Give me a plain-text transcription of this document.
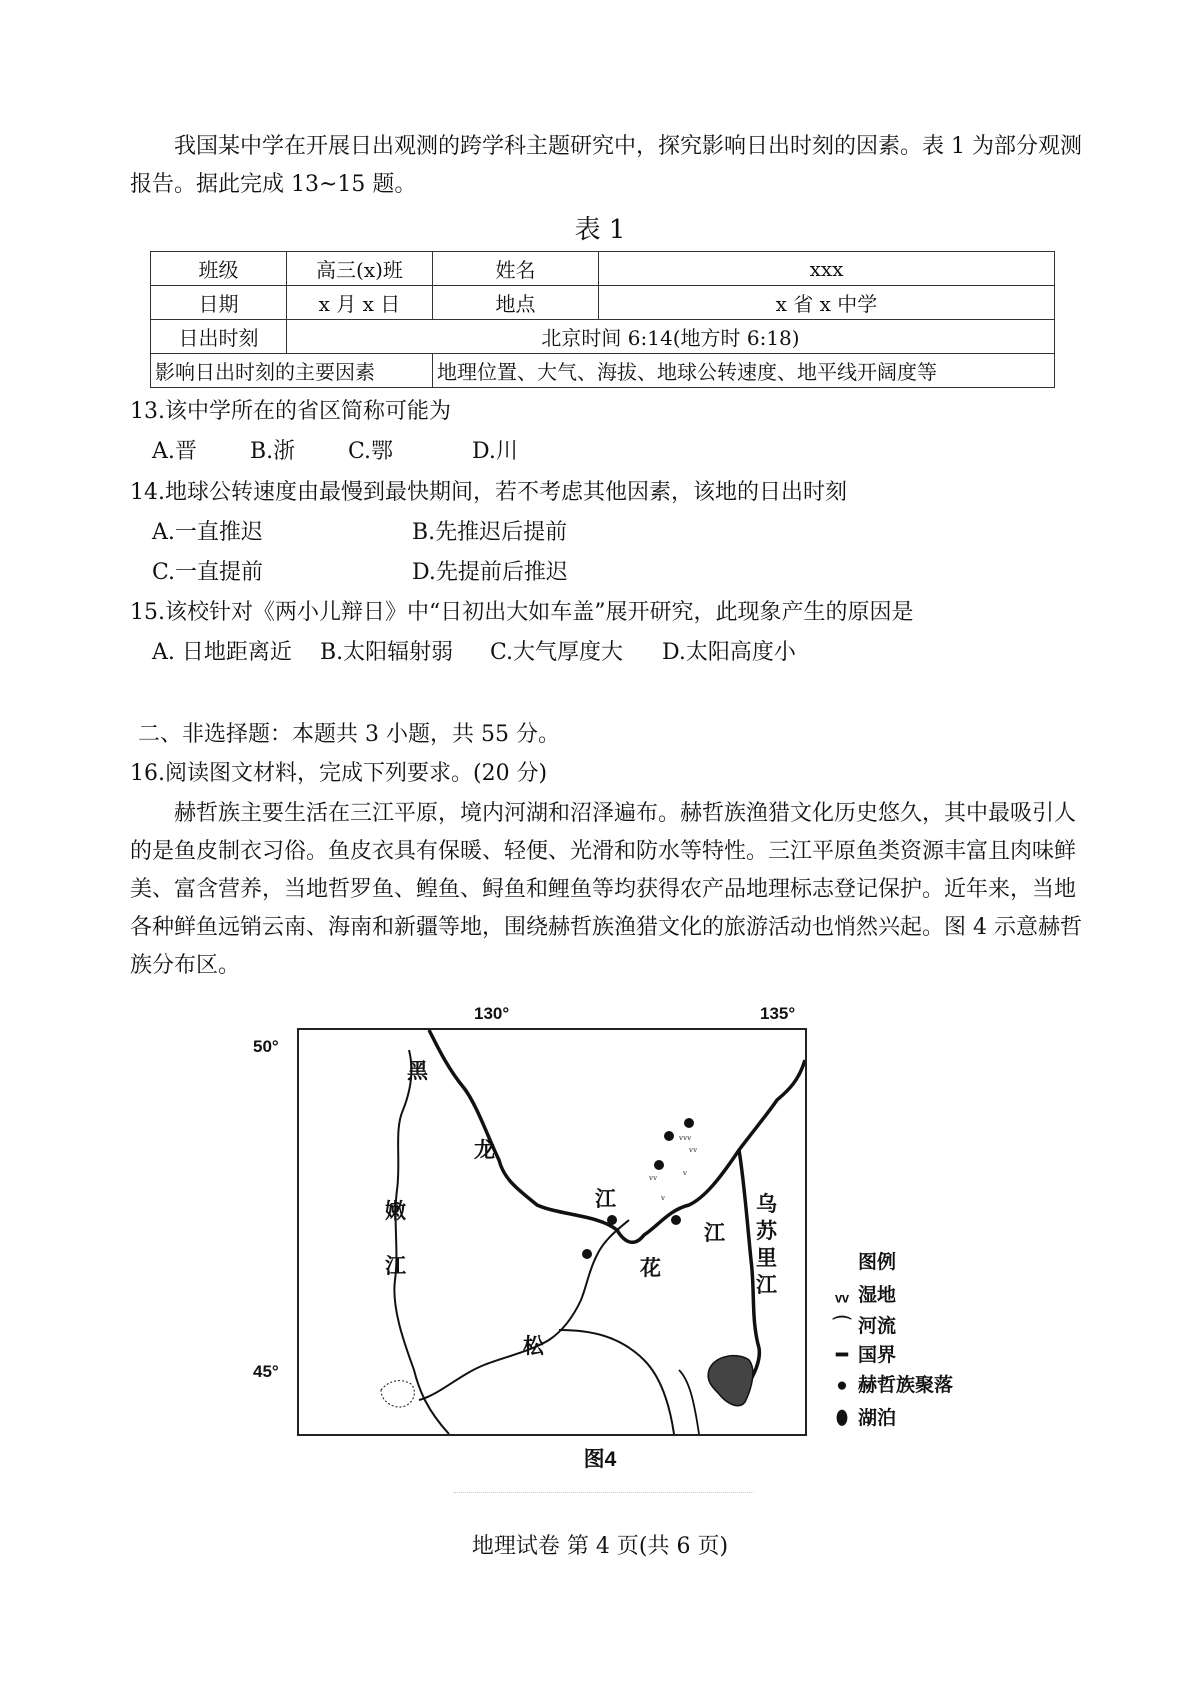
我国某中学在开展日出观测的跨学科主题研究中，探究影响日出时刻的因素。表 1 为部分观测报告。据此完成 13~15 题。

表 1
班级	高三(x)班	姓名	xxx
日期	x 月 x 日	地点	x 省 x 中学
日出时刻	北京时间 6:14(地方时 6:18)		
影响日出时刻的主要因素		地理位置、大气、海拔、地球公转速度、地平线开阔度等	

13.该中学所在的省区简称可能为

A.晋 B.浙 C.鄂	D.川

14.地球公转速度由最慢到最快期间，若不考虑其他因素，该地的日出时刻

A.一直推迟	B.先推迟后提前
C.一直提前	D.先提前后推迟

15.该校针对《两小儿辩日》中“日初出大如车盖”展开研究，此现象产生的原因是

A. 日地距离近 B.太阳辐射弱 C.大气厚度大 D.太阳高度小

二、非选择题：本题共 3 小题，共 55 分。

16.阅读图文材料，完成下列要求。(20 分)

赫哲族主要生活在三江平原，境内河湖和沼泽遍布。赫哲族渔猎文化历史悠久，其中最吸引人的是鱼皮制衣习俗。鱼皮衣具有保暖、轻便、光滑和防水等特性。三江平原鱼类资源丰富且肉味鲜美、富含营养，当地哲罗鱼、鳇鱼、鲟鱼和鲤鱼等均获得农产品地理标志登记保护。近年来，当地各种鲜鱼远销云南、海南和新疆等地，围绕赫哲族渔猎文化的旅游活动也悄然兴起。图 4 示意赫哲族分布区。

130°	135°
50°
45°
ᵥᵥᵥ
ᵥᵥ
ᵥᵥ ᵥ
ᵥ
黑
龙
江
嫩
江
松
花
江
乌
苏
里
江
图例
ᵥᵥ 湿地
⌒ 河流
━ 国界
● 赫哲族聚落
⬮ 湖泊
图4
地理试卷 第 4 页(共 6 页)
